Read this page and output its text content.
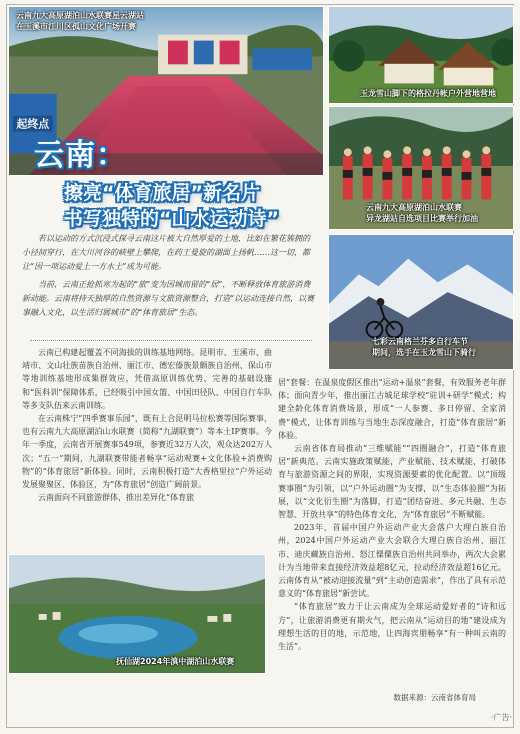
起终点
云南九大高原湖泊山水联赛星云湖站
在玉溪市江川区孤山文化广场开赛
玉龙雪山脚下的格拉丹帐户外营地营地
云南九大高原湖泊山水联赛
异龙湖站自选项目比赛举行加油
云南：
擦亮“体育旅居”新名片
书写独特的“山水运动诗”

若以运动的方式沉浸式探寻云南这片被大自然厚爱的土地，比如在繁花簇拥的小径间穿行，在大川河谷的峡壁上攀爬，在药王曼旋的湖面上扬帆……这一切，都让“因一项运动爱上一方水土”成为可能。

当前，云南正抢抓寒为起的“旅”变为因城而留的“居”，不断释放体育旅游消费新动能。云南将持天独厚的自然资源与文旅资源整合，打造“以运动连接自然，以赛事融入文化，以生活归属城市”的“体育旅居”生态。

七彩云南格兰芬多自行车节
期间，选手在玉龙雪山下骑行

云南已构建起覆盖不同海拔的训练基地网络。昆明市、玉溪市、曲靖市、文山壮族苗族自治州、丽江市、德宏傣族景颇族自治州、保山市等地训练基地形成集群效应，凭借高原训练优势、完善的基础设施和“医科训”保障体系，已经吸引中国女篮、中国田径队、中国自行车队等多支队伍来云南训练。

在云南株宁“四季赛事乐园”，既有上合昆明马拉松赛等国际赛事，也有云南九大高原湖泊山水联赛（简称“九湖联赛”）等本土IP赛事。今年一季度，云南省开展赛事549项，参赛近32万人次，观众达202万人次；“五一”期间，九湖联赛带能者畅享“运动观赛+文化体验+消费购物”的“体育旅居”新体验。同时，云南积极打造“大香格里拉”户外运动发展聚聚区、体验区，为“体育旅居”创造广阔前景。

云南面向不同旅游群体，推出差异化“体育旅

抚仙湖2024年滇中湖泊山水联赛

居”套餐：在温泉度假区推出“运动+温泉”套餐，有效服务老年群体；面向青少年，推出丽江古城足球学校“驻训+研学”模式；构建全龄化体育消费场景，形成“一人参赛、多日停留、全家消费”模式，让体育训练与当地生态深度融合，打造“体育旅居”新体验。

云南省体育局推动“三维赋能”“四圈融合”，打造“体育旅居”新典范。云南实施政策赋能，产业赋能、技术赋能，打破体育与旅游资源之间的界限，实现资源要素的优化配置。以“顶级赛事圈”为引领，以“户外运动圈”为支撑，以“生态体验圈”为拓展，以“文化衍生圈”为落脚，打造“团结奋进、多元共融、生态智慧、开放共享”的特色体育文化，为“体育旅居”不断赋能。

2023年，首届中国户外运动产业大会落户大理白族自治州，2024中国户外运动产业大会联合大理白族自治州、丽江市、迪庆藏族自治州、怒江傈僳族自治州共同举办，两次大会累计为当地带来直接经济效益超8亿元，拉动经济效益超16亿元。云南体育从“被动迎接流量”到“主动创造需求”，作出了具有示范意义的“体育旅居”新尝试。

“体育旅居”致力于让云南成为全球运动爱好者的“诗和远方”，让旅游消费更有期火气，把云南从“运动目的地”建设成为理想生活的目的地，示范地，让四海宾朋畅享“有一种叫云南的生活”。

数据来源：云南省体育局
·广告·
